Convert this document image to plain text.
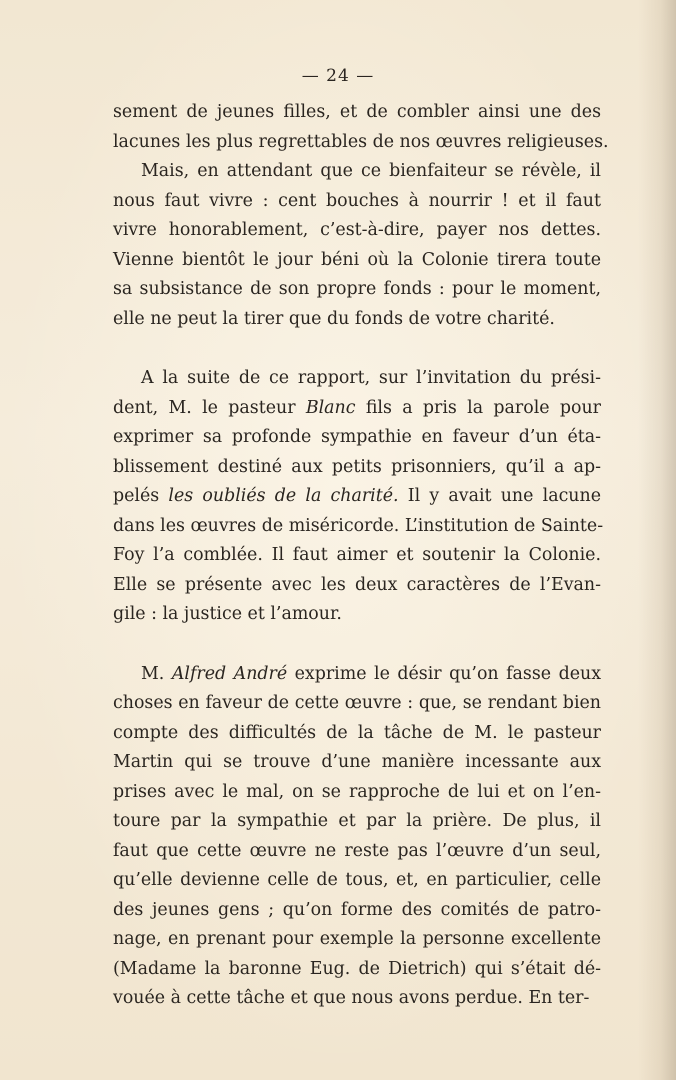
— 24 —
sement de jeunes filles, et de combler ainsi une des
lacunes les plus regrettables de nos œuvres religieuses.
Mais, en attendant que ce bienfaiteur se révèle, il
nous faut vivre : cent bouches à nourrir ! et il faut
vivre honorablement, c’est-à-dire, payer nos dettes.
Vienne bientôt le jour béni où la Colonie tirera toute
sa subsistance de son propre fonds : pour le moment,
elle ne peut la tirer que du fonds de votre charité.
A la suite de ce rapport, sur l’invitation du prési-
dent, M. le pasteur Blanc fils a pris la parole pour
exprimer sa profonde sympathie en faveur d’un éta-
blissement destiné aux petits prisonniers, qu’il a ap-
pelés les oubliés de la charité. Il y avait une lacune
dans les œuvres de miséricorde. L’institution de Sainte-
Foy l’a comblée. Il faut aimer et soutenir la Colonie.
Elle se présente avec les deux caractères de l’Evan-
gile : la justice et l’amour.
M. Alfred André exprime le désir qu’on fasse deux
choses en faveur de cette œuvre : que, se rendant bien
compte des difficultés de la tâche de M. le pasteur
Martin qui se trouve d’une manière incessante aux
prises avec le mal, on se rapproche de lui et on l’en-
toure par la sympathie et par la prière. De plus, il
faut que cette œuvre ne reste pas l’œuvre d’un seul,
qu’elle devienne celle de tous, et, en particulier, celle
des jeunes gens ; qu’on forme des comités de patro-
nage, en prenant pour exemple la personne excellente
(Madame la baronne Eug. de Dietrich) qui s’était dé-
vouée à cette tâche et que nous avons perdue. En ter-
